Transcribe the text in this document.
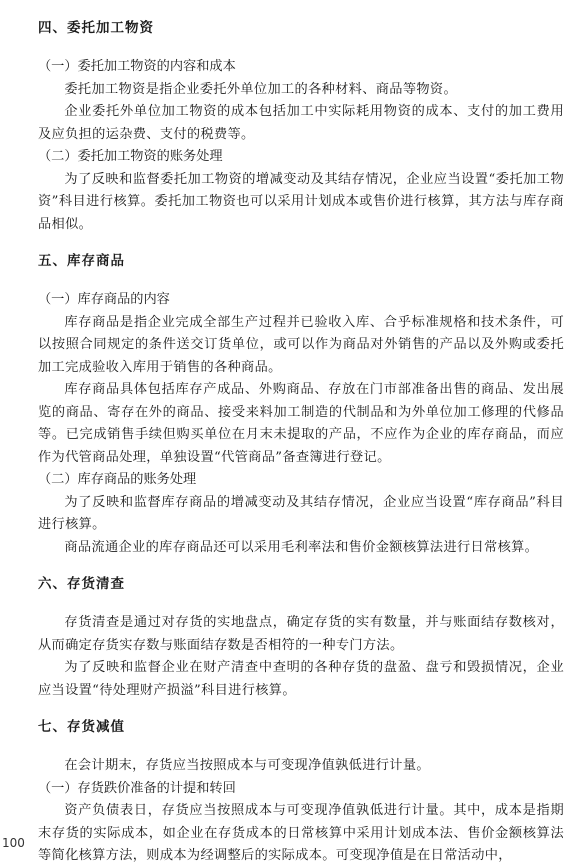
四、委托加工物资

（一）委托加工物资的内容和成本

委托加工物资是指企业委托外单位加工的各种材料、商品等物资。

企业委托外单位加工物资的成本包括加工中实际耗用物资的成本、支付的加工费用及应负担的运杂费、支付的税费等。

（二）委托加工物资的账务处理

为了反映和监督委托加工物资的增减变动及其结存情况，企业应当设置“委托加工物资”科目进行核算。委托加工物资也可以采用计划成本或售价进行核算，其方法与库存商品相似。

五、库存商品

（一）库存商品的内容

库存商品是指企业完成全部生产过程并已验收入库、合乎标准规格和技术条件，可以按照合同规定的条件送交订货单位，或可以作为商品对外销售的产品以及外购或委托加工完成验收入库用于销售的各种商品。

库存商品具体包括库存产成品、外购商品、存放在门市部准备出售的商品、发出展览的商品、寄存在外的商品、接受来料加工制造的代制品和为外单位加工修理的代修品等。已完成销售手续但购买单位在月末未提取的产品，不应作为企业的库存商品，而应作为代管商品处理，单独设置“代管商品”备查簿进行登记。

（二）库存商品的账务处理

为了反映和监督库存商品的增减变动及其结存情况，企业应当设置“库存商品”科目进行核算。

商品流通企业的库存商品还可以采用毛利率法和售价金额核算法进行日常核算。

六、存货清查

存货清查是通过对存货的实地盘点，确定存货的实有数量，并与账面结存数核对，从而确定存货实存数与账面结存数是否相符的一种专门方法。

为了反映和监督企业在财产清查中查明的各种存货的盘盈、盘亏和毁损情况，企业应当设置“待处理财产损溢”科目进行核算。

七、存货减值

在会计期末，存货应当按照成本与可变现净值孰低进行计量。

（一）存货跌价准备的计提和转回

资产负债表日，存货应当按照成本与可变现净值孰低进行计量。其中，成本是指期末存货的实际成本，如企业在存货成本的日常核算中采用计划成本法、售价金额核算法等简化核算方法，则成本为经调整后的实际成本。可变现净值是在日常活动中，

100
